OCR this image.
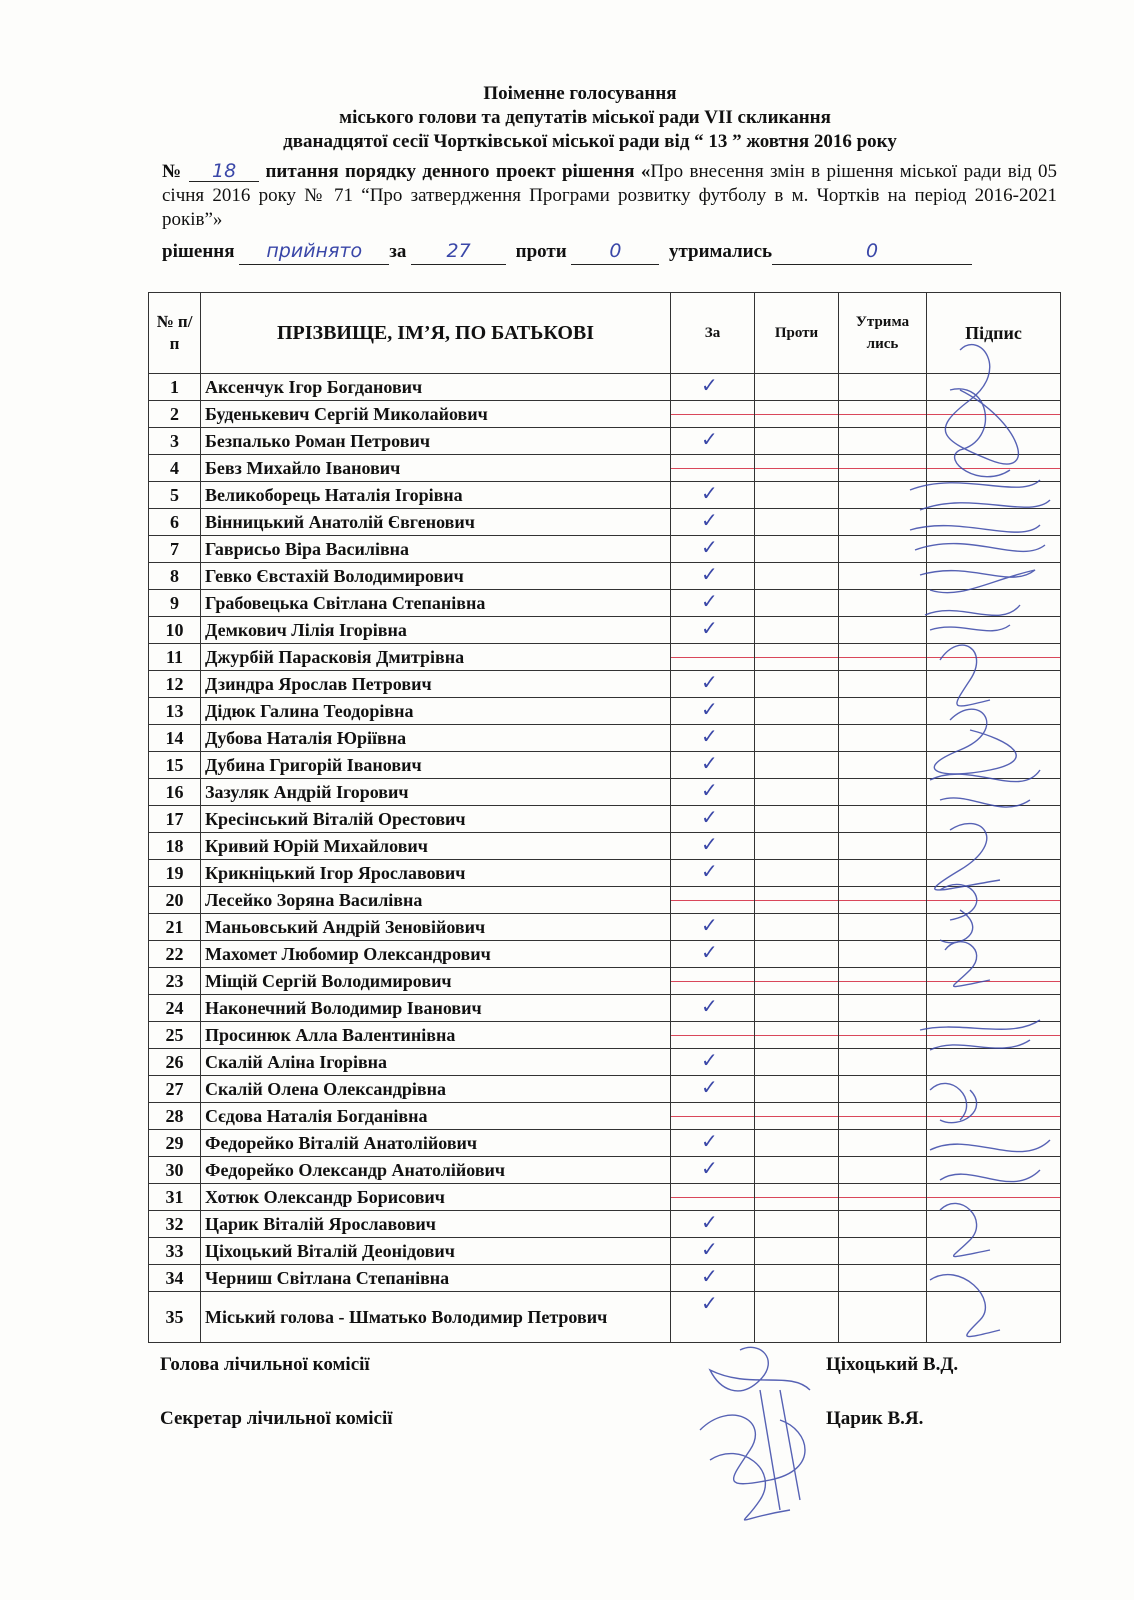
Поіменне голосування
міського голови та депутатів міської ради VII скликання
дванадцятої сесії Чортківської міської ради від “ 13 ” жовтня 2016 року
№ 18 питання порядку денного проект рішення «Про внесення змін в рішення міської ради від 05 січня 2016 року № 71 “Про затвердження Програми розвитку футболу в м. Чортків на період 2016-2021 років”»
рішення прийнято за 27 проти 0 утримались	0
№ п/п	ПРІЗВИЩЕ, ІМ’Я, ПО БАТЬКОВІ	За	Проти	Утрима лись	Підпис
1	Аксенчук Ігор Богданович	✓			

2	Буденькевич Сергій Миколайович	

3	Безпалько Роман Петрович	✓			

4	Бевз Михайло Іванович	

5	Великоборець Наталія Ігорівна	✓			

6	Вінницький Анатолій Євгенович	✓			

7	Гаврисьо Віра Василівна	✓			

8	Гевко Євстахій Володимирович	✓			

9	Грабовецька Світлана Степанівна	✓			

10	Демкович Лілія Ігорівна	✓			

11	Джурбій Парасковія Дмитрівна	

12	Дзиндра Ярослав Петрович	✓			

13	Дідюк Галина Теодорівна	✓			

14	Дубова Наталія Юріївна	✓			

15	Дубина Григорій Іванович	✓			

16	Зазуляк Андрій Ігорович	✓			

17	Кресінський Віталій Орестович	✓			

18	Кривий Юрій Михайлович	✓			

19	Крикніцький Ігор Ярославович	✓			

20	Лесейко Зоряна Василівна	

21	Маньовський Андрій Зеновійович	✓			

22	Махомет Любомир Олександрович	✓			

23	Міщій Сергій Володимирович	

24	Наконечний Володимир Іванович	✓			

25	Просинюк Алла Валентинівна	

26	Скалій Аліна Ігорівна	✓			

27	Скалій Олена Олександрівна	✓			

28	Сєдова Наталія Богданівна	

29	Федорейко Віталій Анатолійович	✓			

30	Федорейко Олександр Анатолійович	✓			

31	Хотюк Олександр Борисович	

32	Царик Віталій Ярославович	✓			

33	Ціхоцький Віталій Деонідович	✓			

34	Черниш Світлана Степанівна	✓			

35	Міський голова - Шматько Володимир Петрович	✓			

Голова лічильної комісії	Ціхоцький В.Д.
Секретар лічильної комісії	Царик В.Я.
